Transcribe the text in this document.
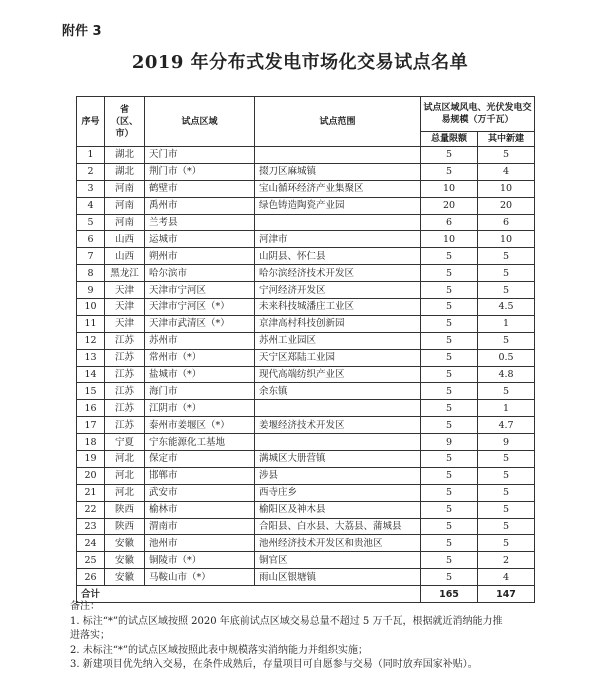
附件 3
2019 年分布式发电市场化交易试点名单
序号	省（区、市）	试点区域	试点范围	试点区域风电、光伏发电交易规模（万千瓦）	
				总量限额	其中新建
1	湖北	天门市		5	5
2	湖北	荆门市（*）	掇刀区麻城镇	5	4
3	河南	鹤壁市	宝山循环经济产业集聚区	10	10
4	河南	禹州市	绿色铸造陶瓷产业园	20	20
5	河南	兰考县		6	6
6	山西	运城市	河津市	10	10
7	山西	朔州市	山阴县、怀仁县	5	5
8	黑龙江	哈尔滨市	哈尔滨经济技术开发区	5	5
9	天津	天津市宁河区	宁河经济开发区	5	5
10	天津	天津市宁河区（*）	未来科技城潘庄工业区	5	4.5
11	天津	天津市武清区（*）	京津高村科技创新园	5	1
12	江苏	苏州市	苏州工业园区	5	5
13	江苏	常州市（*）	天宁区郑陆工业园	5	0.5
14	江苏	盐城市（*）	现代高端纺织产业区	5	4.8
15	江苏	海门市	余东镇	5	5
16	江苏	江阴市（*）		5	1
17	江苏	泰州市姜堰区（*）	姜堰经济技术开发区	5	4.7
18	宁夏	宁东能源化工基地		9	9
19	河北	保定市	满城区大册营镇	5	5
20	河北	邯郸市	涉县	5	5
21	河北	武安市	西寺庄乡	5	5
22	陕西	榆林市	榆阳区及神木县	5	5
23	陕西	渭南市	合阳县、白水县、大荔县、蒲城县	5	5
24	安徽	池州市	池州经济技术开发区和贵池区	5	5
25	安徽	铜陵市（*）	铜官区	5	2
26	安徽	马鞍山市（*）	雨山区银塘镇	5	4
合计				165	147
备注：
1. 标注“*”的试点区域按照 2020 年底前试点区域交易总量不超过 5 万千瓦，根据就近消纳能力推
进落实；
2. 未标注“*”的试点区域按照此表中规模落实消纳能力并组织实施；
3. 新建项目优先纳入交易，在条件成熟后，存量项目可自愿参与交易（同时放弃国家补贴）。
